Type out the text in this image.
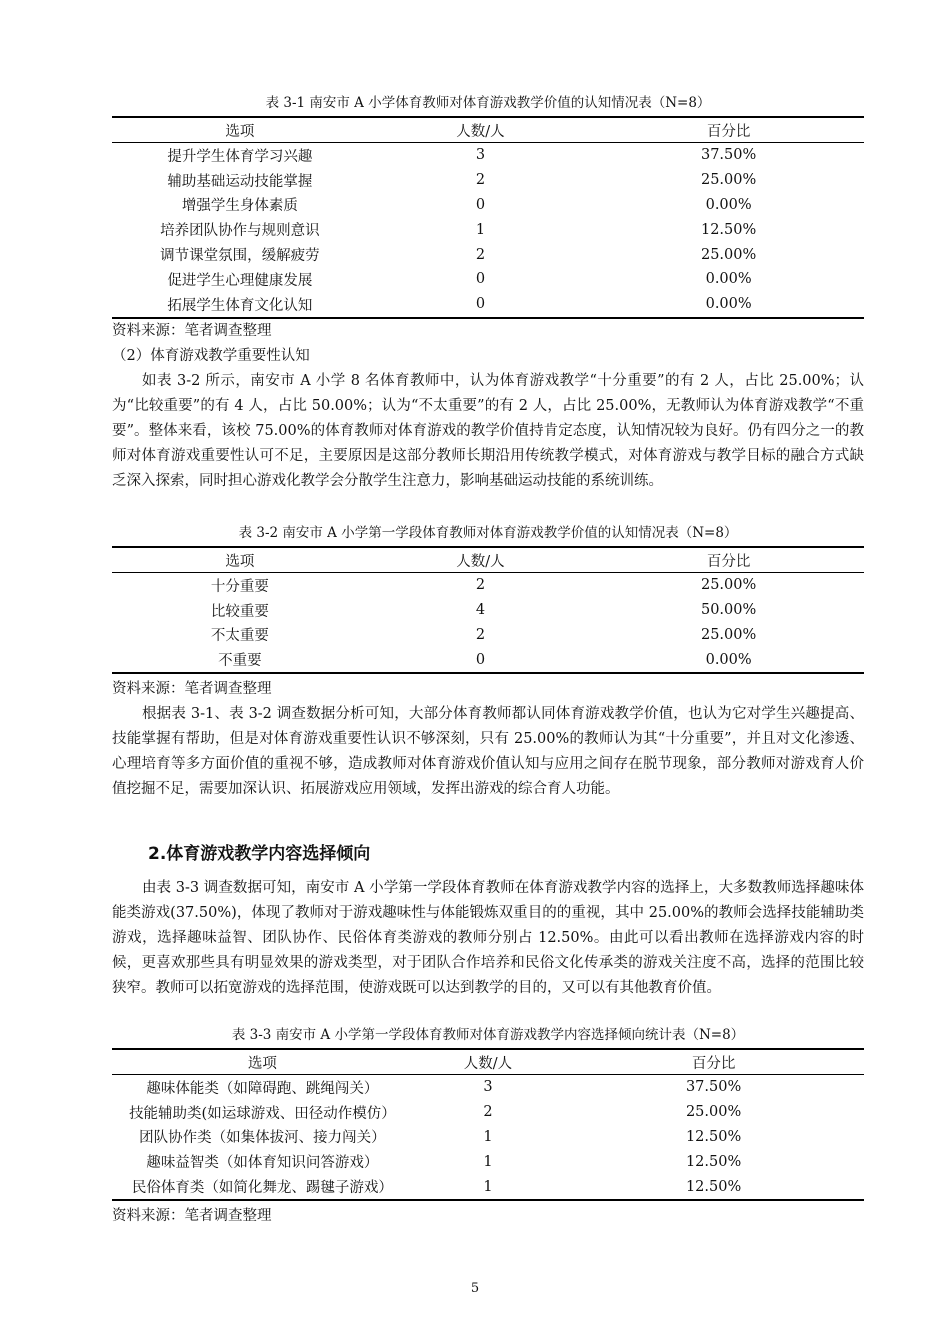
表 3-1 南安市 A 小学体育教师对体育游戏教学价值的认知情况表（N=8）
选项	人数/人	百分比
提升学生体育学习兴趣	3	37.50%
辅助基础运动技能掌握	2	25.00%
增强学生身体素质	0	0.00%
培养团队协作与规则意识	1	12.50%
调节课堂氛围，缓解疲劳	2	25.00%
促进学生心理健康发展	0	0.00%
拓展学生体育文化认知	0	0.00%
资料来源：笔者调查整理
（2）体育游戏教学重要性认知

如表 3-2 所示，南安市 A 小学 8 名体育教师中，认为体育游戏教学“十分重要”的有 2 人，占比 25.00%；认为“比较重要”的有 4 人，占比 50.00%；认为“不太重要”的有 2 人，占比 25.00%，无教师认为体育游戏教学“不重要”。整体来看，该校 75.00%的体育教师对体育游戏的教学价值持肯定态度，认知情况较为良好。仍有四分之一的教师对体育游戏重要性认可不足，主要原因是这部分教师长期沿用传统教学模式，对体育游戏与教学目标的融合方式缺乏深入探索，同时担心游戏化教学会分散学生注意力，影响基础运动技能的系统训练。

表 3-2 南安市 A 小学第一学段体育教师对体育游戏教学价值的认知情况表（N=8）
选项	人数/人	百分比
十分重要	2	25.00%
比较重要	4	50.00%
不太重要	2	25.00%
不重要	0	0.00%
资料来源：笔者调查整理

根据表 3-1、表 3-2 调查数据分析可知，大部分体育教师都认同体育游戏教学价值，也认为它对学生兴趣提高、技能掌握有帮助，但是对体育游戏重要性认识不够深刻，只有 25.00%的教师认为其“十分重要”，并且对文化渗透、心理培育等多方面价值的重视不够，造成教师对体育游戏价值认知与应用之间存在脱节现象，部分教师对游戏育人价值挖掘不足，需要加深认识、拓展游戏应用领域，发挥出游戏的综合育人功能。

2.体育游戏教学内容选择倾向

由表 3-3 调查数据可知，南安市 A 小学第一学段体育教师在体育游戏教学内容的选择上，大多数教师选择趣味体能类游戏(37.50%)，体现了教师对于游戏趣味性与体能锻炼双重目的的重视，其中 25.00%的教师会选择技能辅助类游戏，选择趣味益智、团队协作、民俗体育类游戏的教师分别占 12.50%。由此可以看出教师在选择游戏内容的时候，更喜欢那些具有明显效果的游戏类型，对于团队合作培养和民俗文化传承类的游戏关注度不高，选择的范围比较狭窄。教师可以拓宽游戏的选择范围，使游戏既可以达到教学的目的，又可以有其他教育价值。

表 3-3 南安市 A 小学第一学段体育教师对体育游戏教学内容选择倾向统计表（N=8）
选项	人数/人	百分比
趣味体能类（如障碍跑、跳绳闯关）	3	37.50%
技能辅助类(如运球游戏、田径动作模仿）	2	25.00%
团队协作类（如集体拔河、接力闯关）	1	12.50%
趣味益智类（如体育知识问答游戏）	1	12.50%
民俗体育类（如简化舞龙、踢毽子游戏）	1	12.50%
资料来源：笔者调查整理
5
